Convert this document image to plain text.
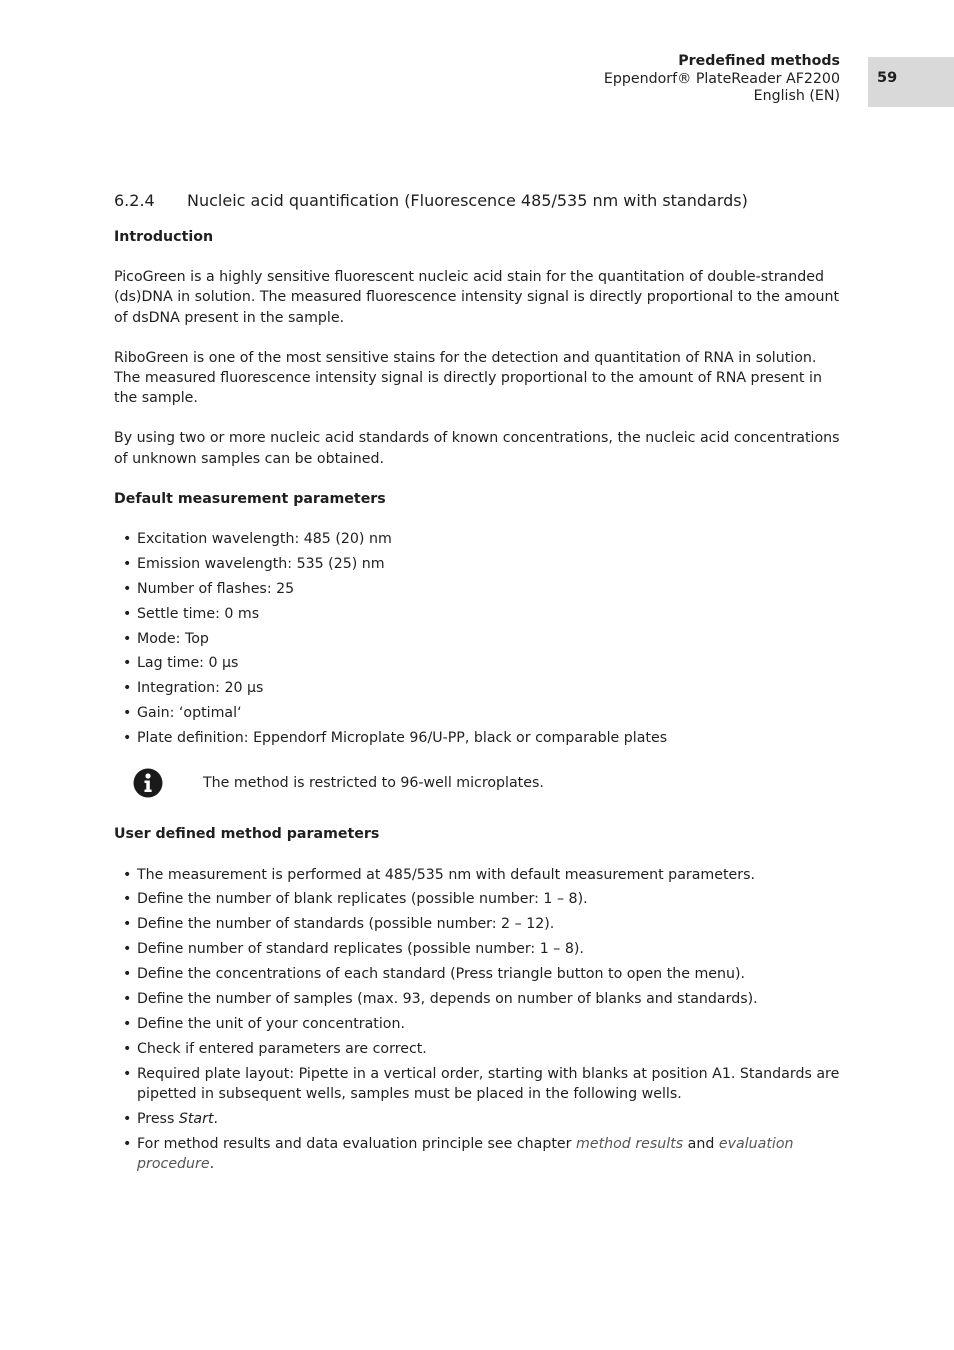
Predefined methods
Eppendorf® PlateReader AF2200
English (EN)
59
6.2.4	Nucleic acid quantification (Fluorescence 485/535 nm with standards)
Introduction

PicoGreen is a highly sensitive fluorescent nucleic acid stain for the quantitation of double-stranded (ds)DNA in solution. The measured fluorescence intensity signal is directly proportional to the amount of dsDNA present in the sample.

RiboGreen is one of the most sensitive stains for the detection and quantitation of RNA in solution. The measured fluorescence intensity signal is directly proportional to the amount of RNA present in the sample.

By using two or more nucleic acid standards of known concentrations, the nucleic acid concentrations of unknown samples can be obtained.

Default measurement parameters
• Excitation wavelength: 485 (20) nm
• Emission wavelength: 535 (25) nm
• Number of flashes: 25
• Settle time: 0 ms
• Mode: Top
• Lag time: 0 µs
• Integration: 20 µs
• Gain: ‘optimal‘
• Plate definition: Eppendorf Microplate 96/U-PP, black or comparable plates
The method is restricted to 96-well microplates.
User defined method parameters
• The measurement is performed at 485/535 nm with default measurement parameters.
• Define the number of blank replicates (possible number: 1 – 8).
• Define the number of standards (possible number: 2 – 12).
• Define number of standard replicates (possible number: 1 – 8).
• Define the concentrations of each standard (Press triangle button to open the menu).
• Define the number of samples (max. 93, depends on number of blanks and standards).
• Define the unit of your concentration.
• Check if entered parameters are correct.
• Required plate layout: Pipette in a vertical order, starting with blanks at position A1. Standards are pipetted in subsequent wells, samples must be placed in the following wells.
• Press Start.
• For method results and data evaluation principle see chapter method results and evaluation procedure.
